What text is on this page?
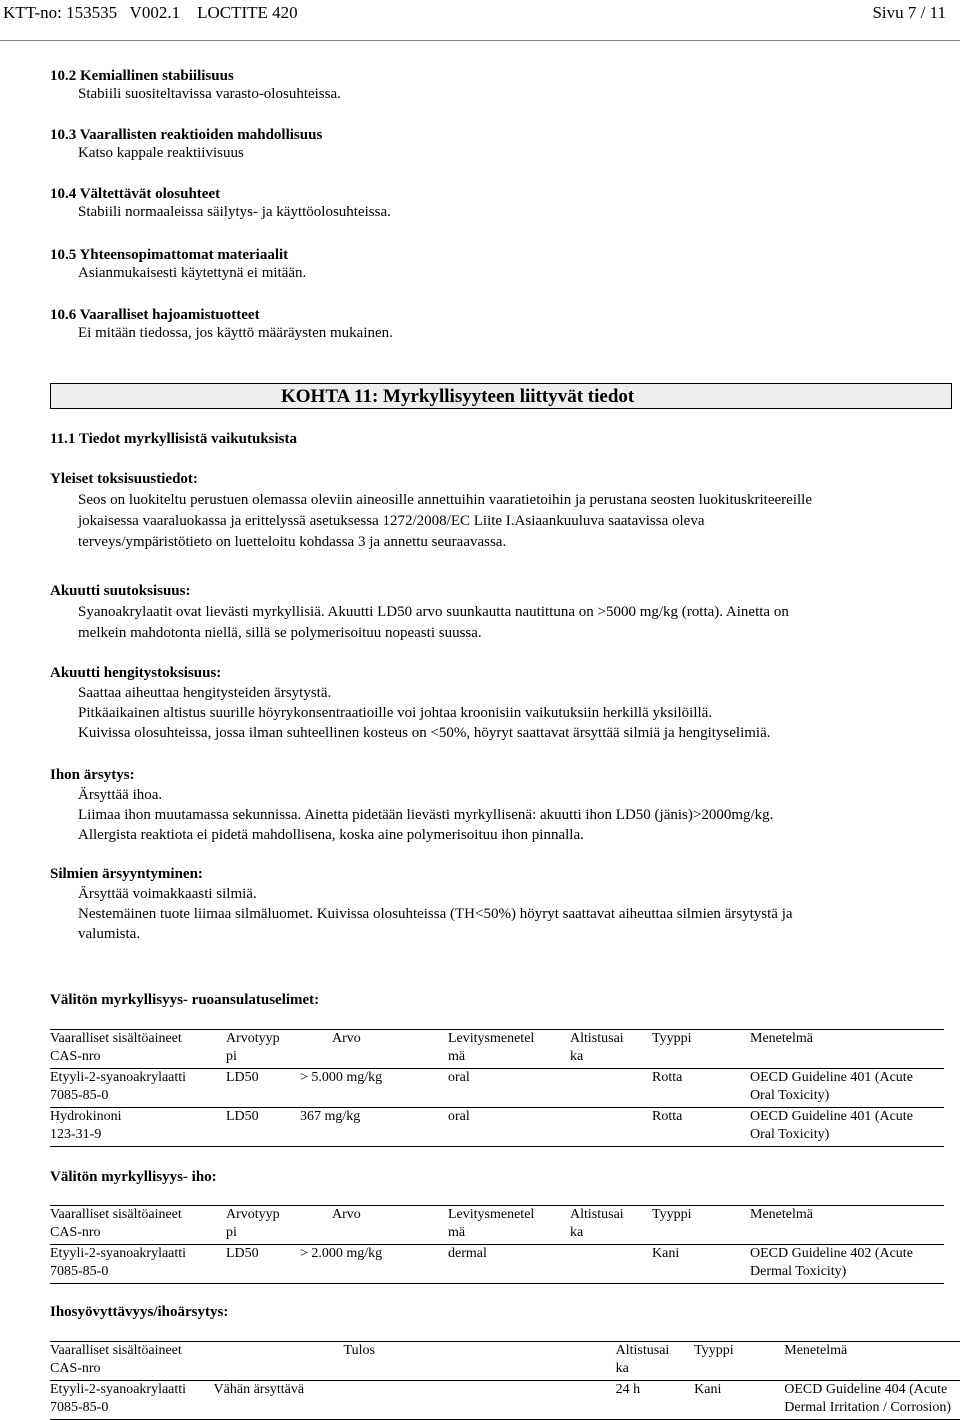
KTT-no: 153535   V002.1    LOCTITE 420	Sivu 7 / 11
10.2 Kemiallinen stabiilisuus
Stabiili suositeltavissa varasto-olosuhteissa.
10.3 Vaarallisten reaktioiden mahdollisuus
Katso kappale reaktiivisuus
10.4 Vältettävät olosuhteet
Stabiili normaaleissa säilytys- ja käyttöolosuhteissa.
10.5 Yhteensopimattomat materiaalit
Asianmukaisesti käytettynä ei mitään.
10.6 Vaaralliset hajoamistuotteet
Ei mitään tiedossa, jos käyttö määräysten mukainen.
KOHTA 11: Myrkyllisyyteen liittyvät tiedot
11.1 Tiedot myrkyllisistä vaikutuksista
Yleiset toksisuustiedot:
Seos on luokiteltu perustuen olemassa oleviin aineosille annettuihin vaaratietoihin ja perustana seosten luokituskriteereille
jokaisessa vaaraluokassa ja erittelyssä asetuksessa 1272/2008/EC Liite I.Asiaankuuluva saatavissa oleva
terveys/ympäristötieto on luetteloitu kohdassa 3 ja annettu seuraavassa.
Akuutti suutoksisuus:
Syanoakrylaatit ovat lievästi myrkyllisiä. Akuutti LD50 arvo suunkautta nautittuna on >5000 mg/kg (rotta). Ainetta on
melkein mahdotonta niellä, sillä se polymerisoituu nopeasti suussa.
Akuutti hengitystoksisuus:
Saattaa aiheuttaa hengitysteiden ärsytystä.
Pitkäaikainen altistus suurille höyrykonsentraatioille voi johtaa kroonisiin vaikutuksiin herkillä yksilöillä.
Kuivissa olosuhteissa, jossa ilman suhteellinen kosteus on <50%, höyryt saattavat ärsyttää silmiä ja hengityselimiä.
Ihon ärsytys:
Ärsyttää ihoa.
Liimaa ihon muutamassa sekunnissa. Ainetta pidetään lievästi myrkyllisenä: akuutti ihon LD50 (jänis)>2000mg/kg.
Allergista reaktiota ei pidetä mahdollisena, koska aine polymerisoituu ihon pinnalla.
Silmien ärsyyntyminen:
Ärsyttää voimakkaasti silmiä.
Nestemäinen tuote liimaa silmäluomet. Kuivissa olosuhteissa (TH<50%) höyryt saattavat aiheuttaa silmien ärsytystä ja
valumista.
Välitön myrkyllisyys- ruoansulatuselimet:
Vaaralliset sisältöaineet
CAS-nro	Arvotyyp
pi	Arvo	Levitysmenetel
mä	Altistusai
ka	Tyyppi	Menetelmä
Etyyli-2-syanoakrylaatti
7085-85-0	LD50	> 5.000 mg/kg	oral		Rotta	OECD Guideline 401 (Acute
Oral Toxicity)
Hydrokinoni
123-31-9	LD50	367 mg/kg	oral		Rotta	OECD Guideline 401 (Acute
Oral Toxicity)
Välitön myrkyllisyys- iho:
Vaaralliset sisältöaineet
CAS-nro	Arvotyyp
pi	Arvo	Levitysmenetel
mä	Altistusai
ka	Tyyppi	Menetelmä
Etyyli-2-syanoakrylaatti
7085-85-0	LD50	> 2.000 mg/kg	dermal		Kani	OECD Guideline 402 (Acute
Dermal Toxicity)
Ihosyövyttävyys/ihoärsytys:
Vaaralliset sisältöaineet
CAS-nro	Tulos	Altistusai
ka	Tyyppi	Menetelmä
Etyyli-2-syanoakrylaatti
7085-85-0	Vähän ärsyttävä	24 h	Kani	OECD Guideline 404 (Acute
Dermal Irritation / Corrosion)
